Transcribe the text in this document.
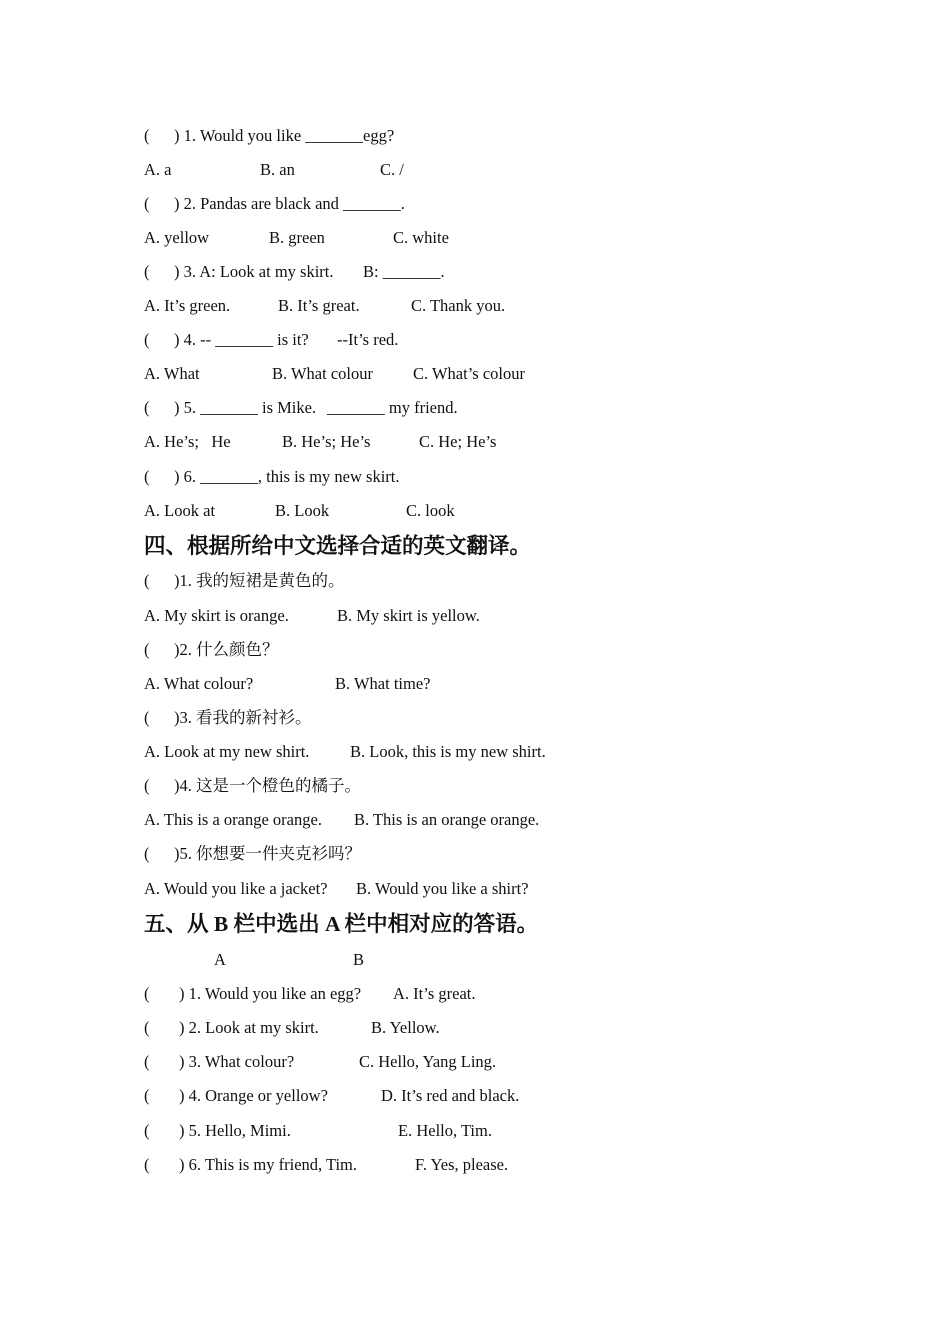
(

) 1. Would you like _______egg?

A. a

	B. an

	C. /

(

) 2. Pandas are black and _______.

A. yellow

	B. green

	C. white

(

) 3. A: Look at my skirt.

B: _______.

A. It’s green.

	B. It’s great.

	C. Thank you.

(

) 4. -- _______ is it?

--It’s red.

A. What

	B. What colour

C. What’s colour

(

) 5. _______ is Mike.

_______ my friend.

A. He’s;   He

	B. He’s; He’s

	C. He; He’s

(

) 6. _______, this is my new skirt.

A. Look at

	B. Look

	C. look

四、根据所给中文选择合适的英文翻译。

(

)1. 我的短裙是黄色的。

A. My skirt is orange.

	B. My skirt is yellow.

(

)2. 什么颜色？

A. What colour?

	B. What time?

(

)3. 看我的新衬衫。

A. Look at my new shirt.

B. Look, this is my new shirt.

(

)4. 这是一个橙色的橘子。

A. This is a orange orange.

B. This is an orange orange.

(

)5. 你想要一件夹克衫吗？

A. Would you like a jacket?

B. Would you like a shirt?

五、从 B 栏中选出 A 栏中相对应的答语。

A

	B

(

) 1. Would you like an egg?

A. It’s great.

(

) 2. Look at my skirt.

	B. Yellow.

(

) 3. What colour?

	C. Hello, Yang Ling.

(

) 4. Orange or yellow?

	D. It’s red and black.

(

) 5. Hello, Mimi.

	E. Hello, Tim.

(

) 6. This is my friend, Tim.

	F. Yes, please.
